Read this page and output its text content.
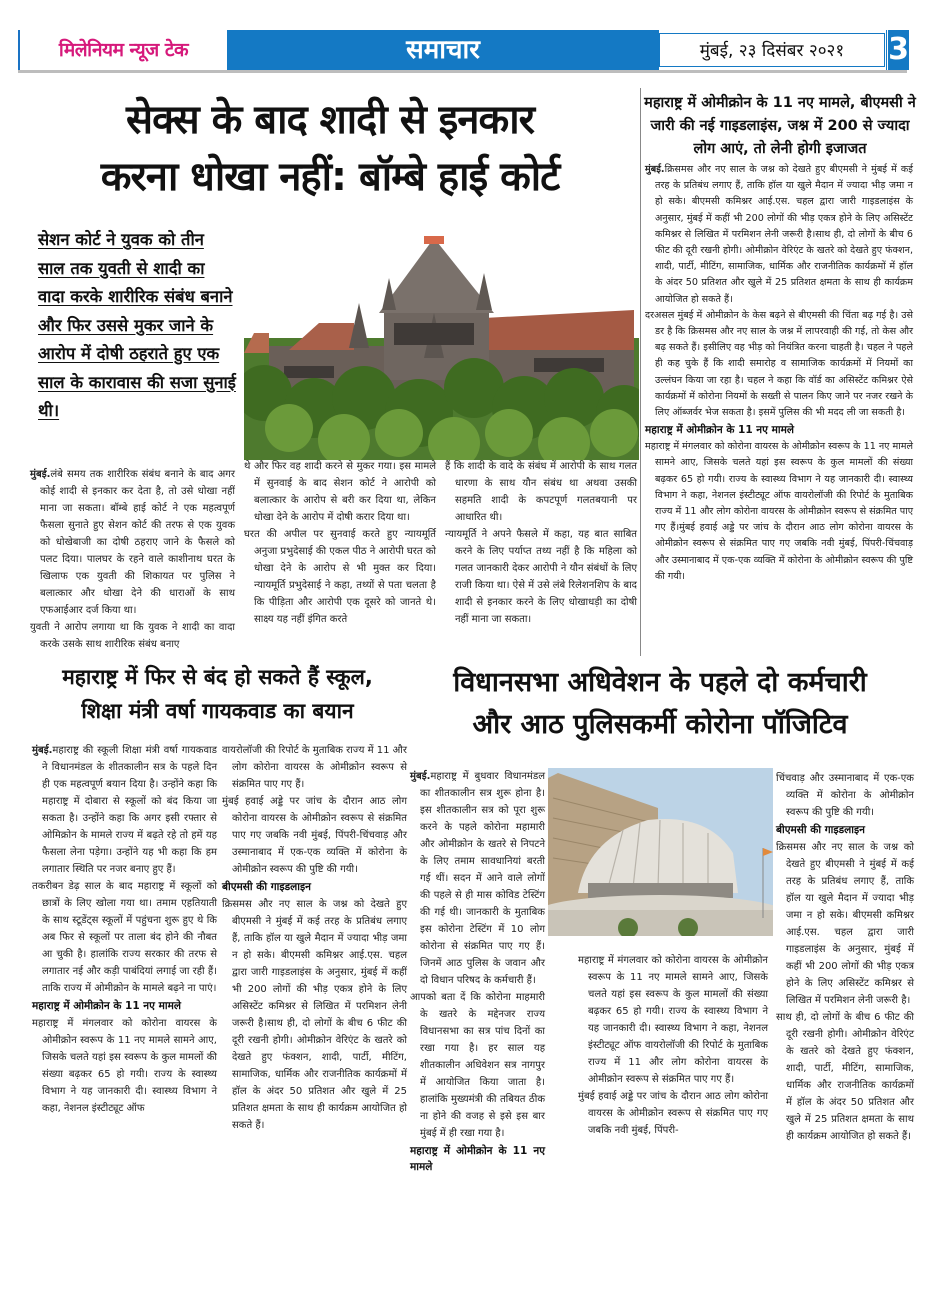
मिलेनियम न्यूज टेक	समाचार	मुंबई, २३ दिसंबर २०२१	3
सेक्स के बाद शादी से इनकार
करना धोखा नहीं: बॉम्बे हाई कोर्ट
सेशन कोर्ट ने युवक को तीन साल तक युवती से शादी का वादा करके शारीरिक संबंध बनाने और फिर उससे मुकर जाने के आरोप में दोषी ठहराते हुए एक साल के कारावास की सजा सुनाई थी।

मुंबई.लंबे समय तक शारीरिक संबंध बनाने के बाद अगर कोई शादी से इनकार कर देता है, तो उसे धोखा नहीं माना जा सकता। बॉम्बे हाई कोर्ट ने एक महत्वपूर्ण फैसला सुनाते हुए सेशन कोर्ट की तरफ से एक युवक को धोखेबाजी का दोषी ठहराए जाने के फैसले को पलट दिया। पालघर के रहने वाले काशीनाथ घरत के खिलाफ एक युवती की शिकायत पर पुलिस ने बलात्कार और धोखा देने की धाराओं के साथ एफआईआर दर्ज किया था।

युवती ने आरोप लगाया था कि युवक ने शादी का वादा करके उसके साथ शारीरिक संबंध बनाए

थे और फिर वह शादी करने से मुकर गया। इस मामले में सुनवाई के बाद सेशन कोर्ट ने आरोपी को बलात्कार के आरोप से बरी कर दिया था, लेकिन धोखा देने के आरोप में दोषी करार दिया था।

घरत की अपील पर सुनवाई करते हुए न्यायमूर्ति अनुजा प्रभुदेसाई की एकल पीठ ने आरोपी घरत को धोखा देने के आरोप से भी मुक्त कर दिया। न्यायमूर्ति प्रभुदेसाई ने कहा, तथ्यों से पता चलता है कि पीड़िता और आरोपी एक दूसरे को जानते थे। साक्ष्य यह नहीं इंगित करते

हैं कि शादी के वादे के संबंध में आरोपी के साथ गलत धारणा के साथ यौन संबंध था अथवा उसकी सहमति शादी के कपटपूर्ण गलतबयानी पर आधारित थी।

न्यायमूर्ति ने अपने फैसले में कहा, यह बात साबित करने के लिए पर्याप्त तथ्य नहीं है कि महिला को गलत जानकारी देकर आरोपी ने यौन संबंधों के लिए राजी किया था। ऐसे में उसे लंबे रिलेशनशिप के बाद शादी से इनकार करने के लिए धोखाधड़ी का दोषी नहीं माना जा सकता।

महाराष्ट्र में ओमीक्रोन के 11 नए मामले, बीएमसी ने जारी की नई गाइडलाइंस, जश्न में 200 से ज्यादा लोग आएं, तो लेनी होगी इजाजत

मुंबई.क्रिसमस और नए साल के जश्न को देखते हुए बीएमसी ने मुंबई में कई तरह के प्रतिबंध लगाए हैं, ताकि हॉल या खुले मैदान में ज्यादा भीड़ जमा न हो सके। बीएमसी कमिश्नर आई.एस. चहल द्वारा जारी गाइडलाइंस के अनुसार, मुंबई में कहीं भी 200 लोगों की भीड़ एकत्र होने के लिए असिस्टेंट कमिश्नर से लिखित में परमिशन लेनी जरूरी है।साथ ही, दो लोगों के बीच 6 फीट की दूरी रखनी होगी। ओमीक्रोन वेरिएंट के खतरे को देखते हुए फंक्शन, शादी, पार्टी, मीटिंग, सामाजिक, धार्मिक और राजनीतिक कार्यक्रमों में हॉल के अंदर 50 प्रतिशत और खुले में 25 प्रतिशत क्षमता के साथ ही कार्यक्रम आयोजित हो सकते हैं।

दरअसल मुंबई में ओमीक्रोन के केस बढ़ने से बीएमसी की चिंता बढ़ गई है। उसे डर है कि क्रिसमस और नए साल के जश्न में लापरवाही की गई, तो केस और बढ़ सकते हैं। इसीलिए वह भीड़ को नियंत्रित करना चाहती है। चहल ने पहले ही कह चुके हैं कि शादी समारोह व सामाजिक कार्यक्रमों में नियमों का उल्लंघन किया जा रहा है। चहल ने कहा कि वॉर्ड का असिस्टेंट कमिश्नर ऐसे कार्यक्रमों में कोरोना नियमों के सख्ती से पालन किए जाने पर नजर रखने के लिए ऑब्जर्वर भेज सकता है। इसमें पुलिस की भी मदद ली जा सकती है।

महाराष्ट्र में ओमीक्रोन के 11 नए मामले

महाराष्ट्र में मंगलवार को कोरोना वायरस के ओमीक्रोन स्वरूप के 11 नए मामले सामने आए, जिसके चलते यहां इस स्वरूप के कुल मामलों की संख्या बढ़कर 65 हो गयी। राज्य के स्वास्थ्य विभाग ने यह जानकारी दी। स्वास्थ्य विभाग ने कहा, नेशनल इंस्टीट्यूट ऑफ वायरोलॉजी की रिपोर्ट के मुताबिक राज्य में 11 और लोग कोरोना वायरस के ओमीक्रोन स्वरूप से संक्रमित पाए गए हैं।मुंबई हवाई अड्डे पर जांच के दौरान आठ लोग कोरोना वायरस के ओमीक्रोन स्वरूप से संक्रमित पाए गए जबकि नवी मुंबई, पिंपरी-चिंचवाड़ और उस्मानाबाद में एक-एक व्यक्ति में कोरोना के ओमीक्रोन स्वरूप की पुष्टि की गयी।

महाराष्ट्र में फिर से बंद हो सकते हैं स्कूल,
शिक्षा मंत्री वर्षा गायकवाड का बयान

मुंबई.महाराष्ट्र की स्कूली शिक्षा मंत्री वर्षा गायकवाड ने विधानमंडल के शीतकालीन सत्र के पहले दिन ही एक महत्वपूर्ण बयान दिया है। उन्होंने कहा कि महाराष्ट्र में दोबारा से स्कूलों को बंद किया जा सकता है। उन्होंने कहा कि अगर इसी रफ्तार से ओमिक्रोन के मामले राज्य में बढ़ते रहे तो हमें यह फैसला लेना पड़ेगा। उन्होंने यह भी कहा कि हम लगातार स्थिति पर नजर बनाए हुए हैं।

तकरीबन डेढ़ साल के बाद महाराष्ट्र में स्कूलों को छात्रों के लिए खोला गया था। तमाम एहतियाती के साथ स्टूडेंट्स स्कूलों में पहुंचना शुरू हुए थे कि अब फिर से स्कूलों पर ताला बंद होने की नौबत आ चुकी है। हालांकि राज्य सरकार की तरफ से लगातार नई और कड़ी पाबंदियां लगाई जा रही हैं। ताकि राज्य में ओमीक्रोन के मामले बढ़ने ना पाएं।

महाराष्ट्र में ओमीक्रोन के 11 नए मामले

महाराष्ट्र में मंगलवार को कोरोना वायरस के ओमीक्रोन स्वरूप के 11 नए मामले सामने आए, जिसके चलते यहां इस स्वरूप के कुल मामलों की संख्या बढ़कर 65 हो गयी। राज्य के स्वास्थ्य विभाग ने यह जानकारी दी। स्वास्थ्य विभाग ने कहा, नेशनल इंस्टीट्यूट ऑफ

वायरोलॉजी की रिपोर्ट के मुताबिक राज्य में 11 और लोग कोरोना वायरस के ओमीक्रोन स्वरूप से संक्रमित पाए गए हैं।

मुंबई हवाई अड्डे पर जांच के दौरान आठ लोग कोरोना वायरस के ओमीक्रोन स्वरूप से संक्रमित पाए गए जबकि नवी मुंबई, पिंपरी-चिंचवाड़ और उस्मानाबाद में एक-एक व्यक्ति में कोरोना के ओमीक्रोन स्वरूप की पुष्टि की गयी।

बीएमसी की गाइडलाइन

क्रिसमस और नए साल के जश्न को देखते हुए बीएमसी ने मुंबई में कई तरह के प्रतिबंध लगाए हैं, ताकि हॉल या खुले मैदान में ज्यादा भीड़ जमा न हो सके। बीएमसी कमिश्नर आई.एस. चहल द्वारा जारी गाइडलाइंस के अनुसार, मुंबई में कहीं भी 200 लोगों की भीड़ एकत्र होने के लिए असिस्टेंट कमिश्नर से लिखित में परमिशन लेनी जरूरी है।साथ ही, दो लोगों के बीच 6 फीट की दूरी रखनी होगी। ओमीक्रोन वेरिएंट के खतरे को देखते हुए फंक्शन, शादी, पार्टी, मीटिंग, सामाजिक, धार्मिक और राजनीतिक कार्यक्रमों में हॉल के अंदर 50 प्रतिशत और खुले में 25 प्रतिशत क्षमता के साथ ही कार्यक्रम आयोजित हो सकते हैं।

विधानसभा अधिवेशन के पहले दो कर्मचारी
और आठ पुलिसकर्मी कोरोना पॉजिटिव

मुंबई.महाराष्ट्र में बुधवार विधानमंडल का शीतकालीन सत्र शुरू होना है। इस शीतकालीन सत्र को पूरा शुरू करने के पहले कोरोना महामारी और ओमीक्रोन के खतरे से निपटने के लिए तमाम सावधानियां बरती गई थीं। सदन में आने वाले लोगों की पहले से ही मास कोविड टेस्टिंग की गई थी। जानकारी के मुताबिक इस कोरोना टेस्टिंग में 10 लोग कोरोना से संक्रमित पाए गए हैं। जिनमें आठ पुलिस के जवान और दो विधान परिषद के कर्मचारी हैं।

आपको बता दें कि कोरोना माहमारी के खतरे के मद्देनजर राज्य विधानसभा का सत्र पांच दिनों का रखा गया है। हर साल यह शीतकालीन अधिवेशन सत्र नागपुर में आयोजित किया जाता है। हालांकि मुख्यमंत्री की तबियत ठीक ना होने की वजह से इसे इस बार मुंबई में ही रखा गया है।

महाराष्ट्र में ओमीक्रोन के 11 नए मामले

महाराष्ट्र में मंगलवार को कोरोना वायरस के ओमीक्रोन स्वरूप के 11 नए मामले सामने आए, जिसके चलते यहां इस स्वरूप के कुल मामलों की संख्या बढ़कर 65 हो गयी। राज्य के स्वास्थ्य विभाग ने यह जानकारी दी। स्वास्थ्य विभाग ने कहा, नेशनल इंस्टीट्यूट ऑफ वायरोलॉजी की रिपोर्ट के मुताबिक राज्य में 11 और लोग कोरोना वायरस के ओमीक्रोन स्वरूप से संक्रमित पाए गए हैं।

मुंबई हवाई अड्डे पर जांच के दौरान आठ लोग कोरोना वायरस के ओमीक्रोन स्वरूप से संक्रमित पाए गए जबकि नवी मुंबई, पिंपरी-

चिंचवाड़ और उस्मानाबाद में एक-एक व्यक्ति में कोरोना के ओमीक्रोन स्वरूप की पुष्टि की गयी।

बीएमसी की गाइडलाइन

क्रिसमस और नए साल के जश्न को देखते हुए बीएमसी ने मुंबई में कई तरह के प्रतिबंध लगाए हैं, ताकि हॉल या खुले मैदान में ज्यादा भीड़ जमा न हो सके। बीएमसी कमिश्नर आई.एस. चहल द्वारा जारी गाइडलाइंस के अनुसार, मुंबई में कहीं भी 200 लोगों की भीड़ एकत्र होने के लिए असिस्टेंट कमिश्नर से लिखित में परमिशन लेनी जरूरी है।

साथ ही, दो लोगों के बीच 6 फीट की दूरी रखनी होगी। ओमीक्रोन वेरिएंट के खतरे को देखते हुए फंक्शन, शादी, पार्टी, मीटिंग, सामाजिक, धार्मिक और राजनीतिक कार्यक्रमों में हॉल के अंदर 50 प्रतिशत और खुले में 25 प्रतिशत क्षमता के साथ ही कार्यक्रम आयोजित हो सकते हैं।
